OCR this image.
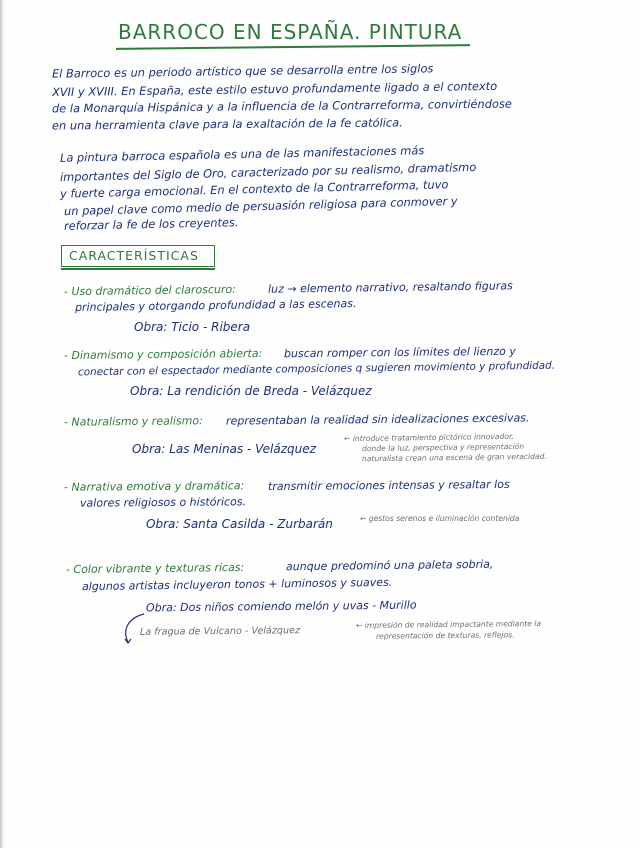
BARROCO EN ESPAÑA. PINTURA
El Barroco es un periodo artístico que se desarrolla entre los siglos
XVII y XVIII. En España, este estilo estuvo profundamente ligado a el contexto
de la Monarquía Hispánica y a la influencia de la Contrarreforma, convirtiéndose
en una herramienta clave para la exaltación de la fe católica.
La pintura barroca española es una de las manifestaciones más
importantes del Siglo de Oro, caracterizado por su realismo, dramatismo
y fuerte carga emocional. En el contexto de la Contrarreforma, tuvo
un papel clave como medio de persuasión religiosa para conmover y
reforzar la fe de los creyentes.
CARACTERÍSTICAS
- Uso dramático del claroscuro:	luz → elemento narrativo, resaltando figuras
principales y otorgando profundidad a las escenas.
Obra: Ticio - Ribera
- Dinamismo y composición abierta: buscan romper con los límites del lienzo y
conectar con el espectador mediante composiciones q sugieren movimiento y profundidad.
Obra: La rendición de Breda - Velázquez
- Naturalismo y realismo: representaban la realidad sin idealizaciones excesivas.
Obra: Las Meninas - Velázquez
← introduce tratamiento pictórico innovador,
donde la luz, perspectiva y representación
naturalista crean una escena de gran veracidad.
- Narrativa emotiva y dramática: transmitir emociones intensas y resaltar los
valores religiosos o históricos.
Obra: Santa Casilda - Zurbarán	← gestos serenos e iluminación contenida
- Color vibrante y texturas ricas:	aunque predominó una paleta sobria,
algunos artistas incluyeron tonos + luminosos y suaves.
Obra: Dos niños comiendo melón y uvas - Murillo
La fragua de Vulcano - Velázquez
← impresión de realidad impactante mediante la
representación de texturas, reflejos.
